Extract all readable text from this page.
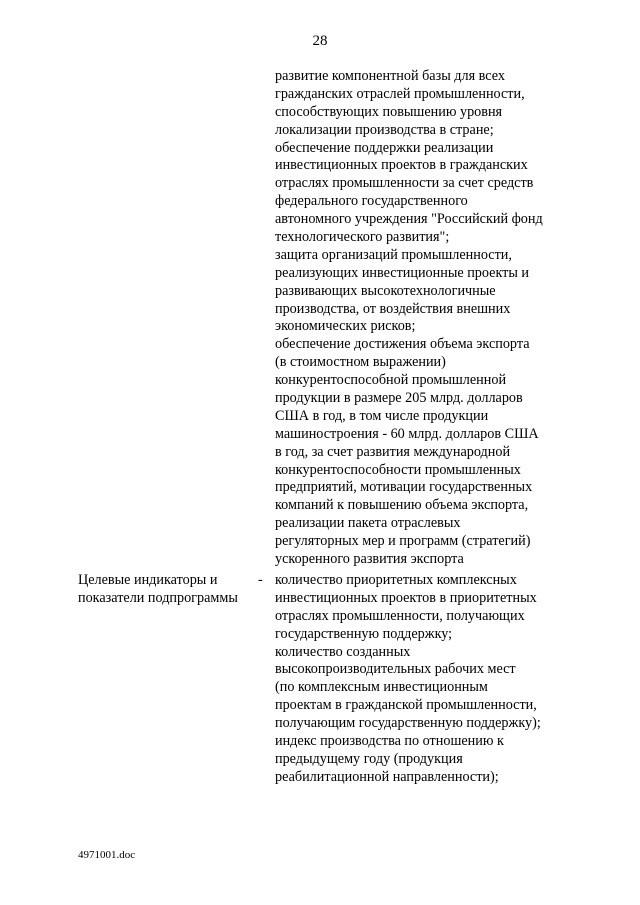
28
развитие компонентной базы для всех
гражданских отраслей промышленности,
способствующих повышению уровня
локализации производства в стране;
обеспечение поддержки реализации
инвестиционных проектов в гражданских
отраслях промышленности за счет средств
федерального государственного
автономного учреждения "Российский фонд
технологического развития";
защита организаций промышленности,
реализующих инвестиционные проекты и
развивающих высокотехнологичные
производства, от воздействия внешних
экономических рисков;
обеспечение достижения объема экспорта
(в стоимостном выражении)
конкурентоспособной промышленной
продукции в размере 205 млрд. долларов
США в год, в том числе продукции
машиностроения - 60 млрд. долларов США
в год, за счет развития международной
конкурентоспособности промышленных
предприятий, мотивации государственных
компаний к повышению объема экспорта,
реализации пакета отраслевых
регуляторных мер и программ (стратегий)
ускоренного развития экспорта
Целевые индикаторы и
показатели подпрограммы
- количество приоритетных комплексных
инвестиционных проектов в приоритетных
отраслях промышленности, получающих
государственную поддержку;
количество созданных
высокопроизводительных рабочих мест
(по комплексным инвестиционным
проектам в гражданской промышленности,
получающим государственную поддержку);
индекс производства по отношению к
предыдущему году (продукция
реабилитационной направленности);
4971001.doc
